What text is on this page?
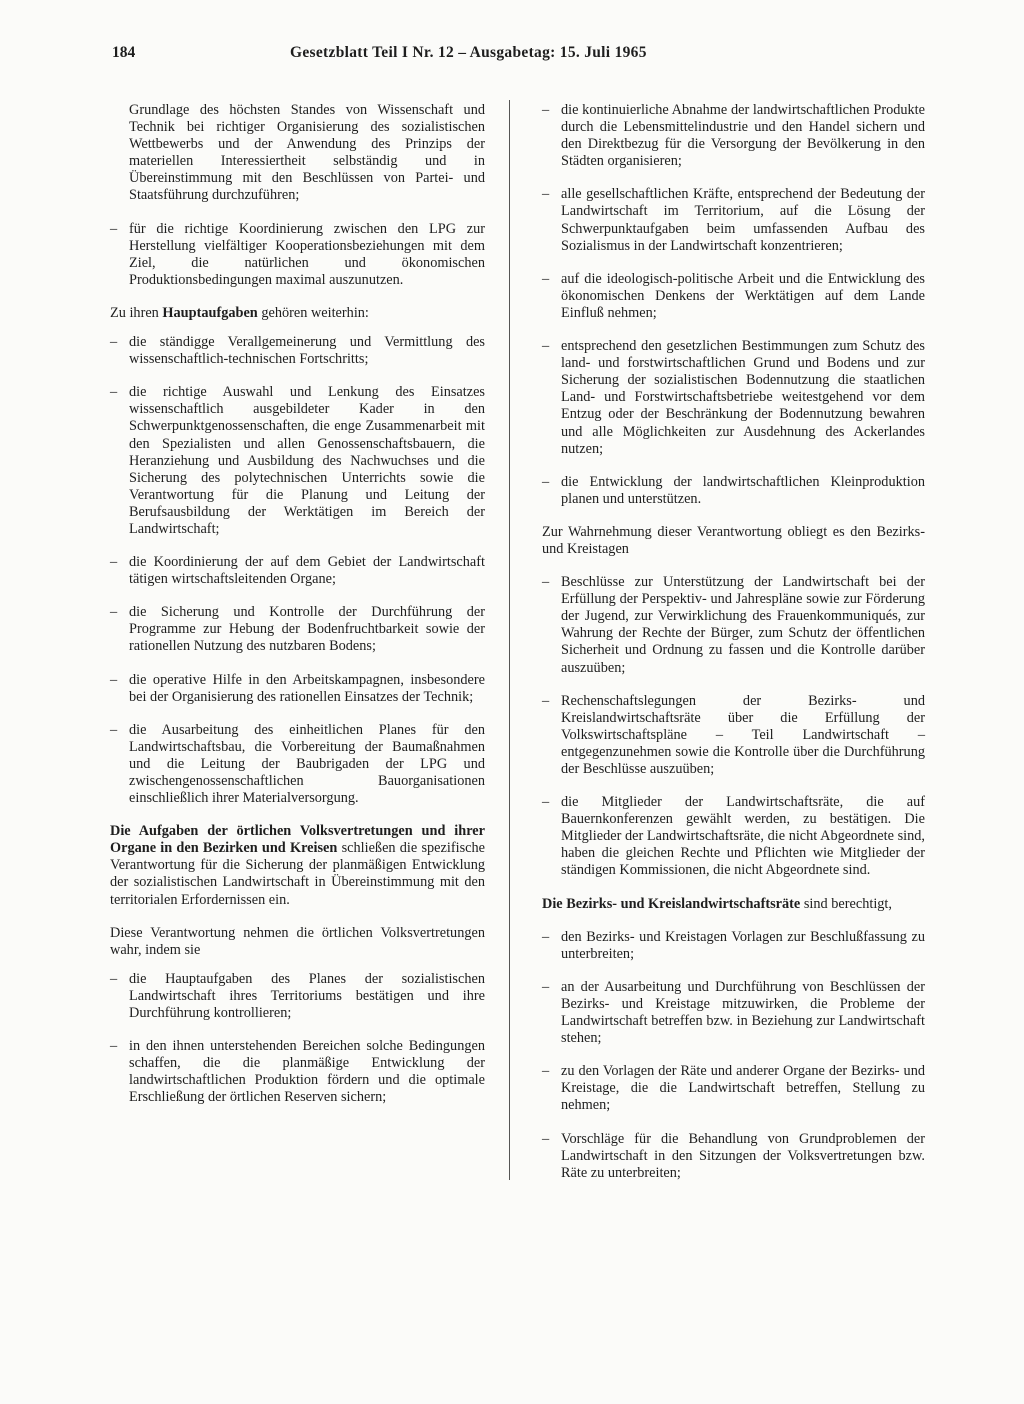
184	Gesetzblatt Teil I Nr. 12 – Ausgabetag: 15. Juli 1965
Grundlage des höchsten Standes von Wissenschaft und Technik bei richtiger Organisierung des sozialistischen Wettbewerbs und der Anwendung des Prinzips der materiellen Interessiertheit selbständig und in Übereinstimmung mit den Beschlüssen von Partei- und Staatsführung durchzuführen;
– für die richtige Koordinierung zwischen den LPG zur Herstellung vielfältiger Kooperationsbeziehungen mit dem Ziel, die natürlichen und ökonomischen Produktionsbedingungen maximal auszunutzen.
Zu ihren Hauptaufgaben gehören weiterhin:
– die ständigge Verallgemeinerung und Vermittlung des wissenschaftlich-technischen Fortschritts;
– die richtige Auswahl und Lenkung des Einsatzes wissenschaftlich ausgebildeter Kader in den Schwerpunktgenossenschaften, die enge Zusammenarbeit mit den Spezialisten und allen Genossenschaftsbauern, die Heranziehung und Ausbildung des Nachwuchses und die Sicherung des polytechnischen Unterrichts sowie die Verantwortung für die Planung und Leitung der Berufsausbildung der Werktätigen im Bereich der Landwirtschaft;
– die Koordinierung der auf dem Gebiet der Landwirtschaft tätigen wirtschaftsleitenden Organe;
– die Sicherung und Kontrolle der Durchführung der Programme zur Hebung der Bodenfruchtbarkeit sowie der rationellen Nutzung des nutzbaren Bodens;
– die operative Hilfe in den Arbeitskampagnen, insbesondere bei der Organisierung des rationellen Einsatzes der Technik;
– die Ausarbeitung des einheitlichen Planes für den Landwirtschaftsbau, die Vorbereitung der Baumaßnahmen und die Leitung der Baubrigaden der LPG und zwischengenossenschaftlichen Bauorganisationen einschließlich ihrer Materialversorgung.
Die Aufgaben der örtlichen Volksvertretungen und ihrer Organe in den Bezirken und Kreisen schließen die spezifische Verantwortung für die Sicherung der planmäßigen Entwicklung der sozialistischen Landwirtschaft in Übereinstimmung mit den territorialen Erfordernissen ein.
Diese Verantwortung nehmen die örtlichen Volksvertretungen wahr, indem sie
– die Hauptaufgaben des Planes der sozialistischen Landwirtschaft ihres Territoriums bestätigen und ihre Durchführung kontrollieren;
– in den ihnen unterstehenden Bereichen solche Bedingungen schaffen, die die planmäßige Entwicklung der landwirtschaftlichen Produktion fördern und die optimale Erschließung der örtlichen Reserven sichern;
– die kontinuierliche Abnahme der landwirtschaftlichen Produkte durch die Lebensmittelindustrie und den Handel sichern und den Direktbezug für die Versorgung der Bevölkerung in den Städten organisieren;
– alle gesellschaftlichen Kräfte, entsprechend der Bedeutung der Landwirtschaft im Territorium, auf die Lösung der Schwerpunktaufgaben beim umfassenden Aufbau des Sozialismus in der Landwirtschaft konzentrieren;
– auf die ideologisch-politische Arbeit und die Entwicklung des ökonomischen Denkens der Werktätigen auf dem Lande Einfluß nehmen;
– entsprechend den gesetzlichen Bestimmungen zum Schutz des land- und forstwirtschaftlichen Grund und Bodens und zur Sicherung der sozialistischen Bodennutzung die staatlichen Land- und Forstwirtschaftsbetriebe weitestgehend vor dem Entzug oder der Beschränkung der Bodennutzung bewahren und alle Möglichkeiten zur Ausdehnung des Ackerlandes nutzen;
– die Entwicklung der landwirtschaftlichen Kleinproduktion planen und unterstützen.
Zur Wahrnehmung dieser Verantwortung obliegt es den Bezirks- und Kreistagen
– Beschlüsse zur Unterstützung der Landwirtschaft bei der Erfüllung der Perspektiv- und Jahrespläne sowie zur Förderung der Jugend, zur Verwirklichung des Frauenkommuniqués, zur Wahrung der Rechte der Bürger, zum Schutz der öffentlichen Sicherheit und Ordnung zu fassen und die Kontrolle darüber auszuüben;
– Rechenschaftslegungen der Bezirks- und Kreislandwirtschaftsräte über die Erfüllung der Volkswirtschaftspläne – Teil Landwirtschaft – entgegenzunehmen sowie die Kontrolle über die Durchführung der Beschlüsse auszuüben;
– die Mitglieder der Landwirtschaftsräte, die auf Bauernkonferenzen gewählt werden, zu bestätigen. Die Mitglieder der Landwirtschaftsräte, die nicht Abgeordnete sind, haben die gleichen Rechte und Pflichten wie Mitglieder der ständigen Kommissionen, die nicht Abgeordnete sind.
Die Bezirks- und Kreislandwirtschaftsräte sind berechtigt,
– den Bezirks- und Kreistagen Vorlagen zur Beschlußfassung zu unterbreiten;
– an der Ausarbeitung und Durchführung von Beschlüssen der Bezirks- und Kreistage mitzuwirken, die Probleme der Landwirtschaft betreffen bzw. in Beziehung zur Landwirtschaft stehen;
– zu den Vorlagen der Räte und anderer Organe der Bezirks- und Kreistage, die die Landwirtschaft betreffen, Stellung zu nehmen;
– Vorschläge für die Behandlung von Grundproblemen der Landwirtschaft in den Sitzungen der Volksvertretungen bzw. Räte zu unterbreiten;
